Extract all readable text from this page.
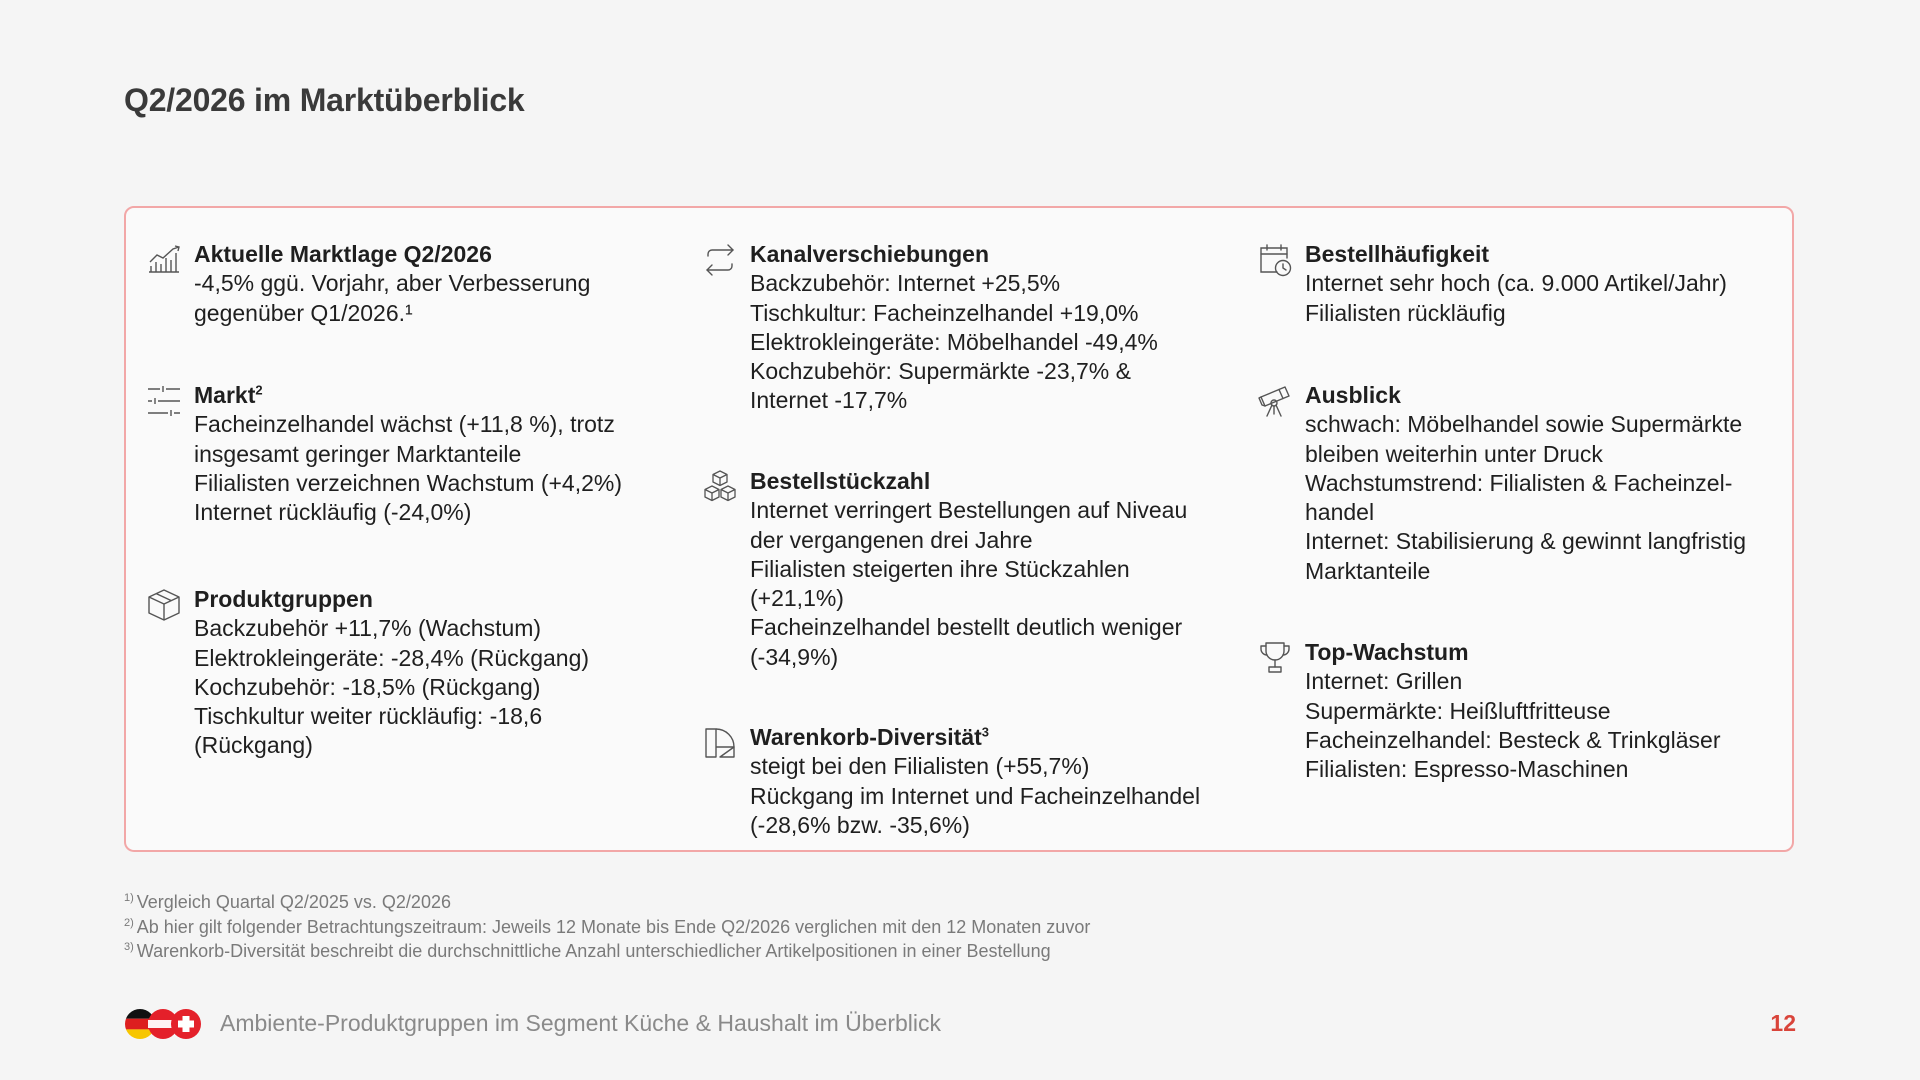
Q2/2026 im Marktüberblick
Aktuelle Marktlage Q2/2026
-4,5% ggü. Vorjahr, aber Verbesserung
gegenüber Q1/2026.¹
Markt$^2$
Facheinzelhandel wächst (+11,8 %), trotz
insgesamt geringer Marktanteile
Filialisten verzeichnen Wachstum (+4,2%)
Internet rückläufig (-24,0%)
Produktgruppen
Backzubehör +11,7% (Wachstum)
Elektrokleingeräte: -28,4% (Rückgang)
Kochzubehör: -18,5% (Rückgang)
Tischkultur weiter rückläufig: -18,6
(Rückgang)
Kanalverschiebungen
Backzubehör: Internet +25,5%
Tischkultur: Facheinzelhandel +19,0%
Elektrokleingeräte: Möbelhandel -49,4%
Kochzubehör: Supermärkte -23,7% &
Internet -17,7%
Bestellstückzahl
Internet verringert Bestellungen auf Niveau
der vergangenen drei Jahre
Filialisten steigerten ihre Stückzahlen
(+21,1%)
Facheinzelhandel bestellt deutlich weniger
(-34,9%)
Warenkorb-Diversität$^3$
steigt bei den Filialisten (+55,7%)
Rückgang im Internet und Facheinzelhandel
(-28,6% bzw. -35,6%)
Bestellhäufigkeit
Internet sehr hoch (ca. 9.000 Artikel/Jahr)
Filialisten rückläufig
Ausblick
schwach: Möbelhandel sowie Supermärkte
bleiben weiterhin unter Druck
Wachstumstrend: Filialisten & Facheinzel-
handel
Internet: Stabilisierung & gewinnt langfristig
Marktanteile
Top-Wachstum
Internet: Grillen
Supermärkte: Heißluftfritteuse
Facheinzelhandel: Besteck & Trinkgläser
Filialisten: Espresso-Maschinen
$^{1)}$ Vergleich Quartal Q2/2025 vs. Q2/2026
$^{2)}$ Ab hier gilt folgender Betrachtungszeitraum: Jeweils 12 Monate bis Ende Q2/2026 verglichen mit den 12 Monaten zuvor
$^{3)}$ Warenkorb-Diversität beschreibt die durchschnittliche Anzahl unterschiedlicher Artikelpositionen in einer Bestellung
Ambiente-Produktgruppen im Segment Küche & Haushalt im Überblick	12
